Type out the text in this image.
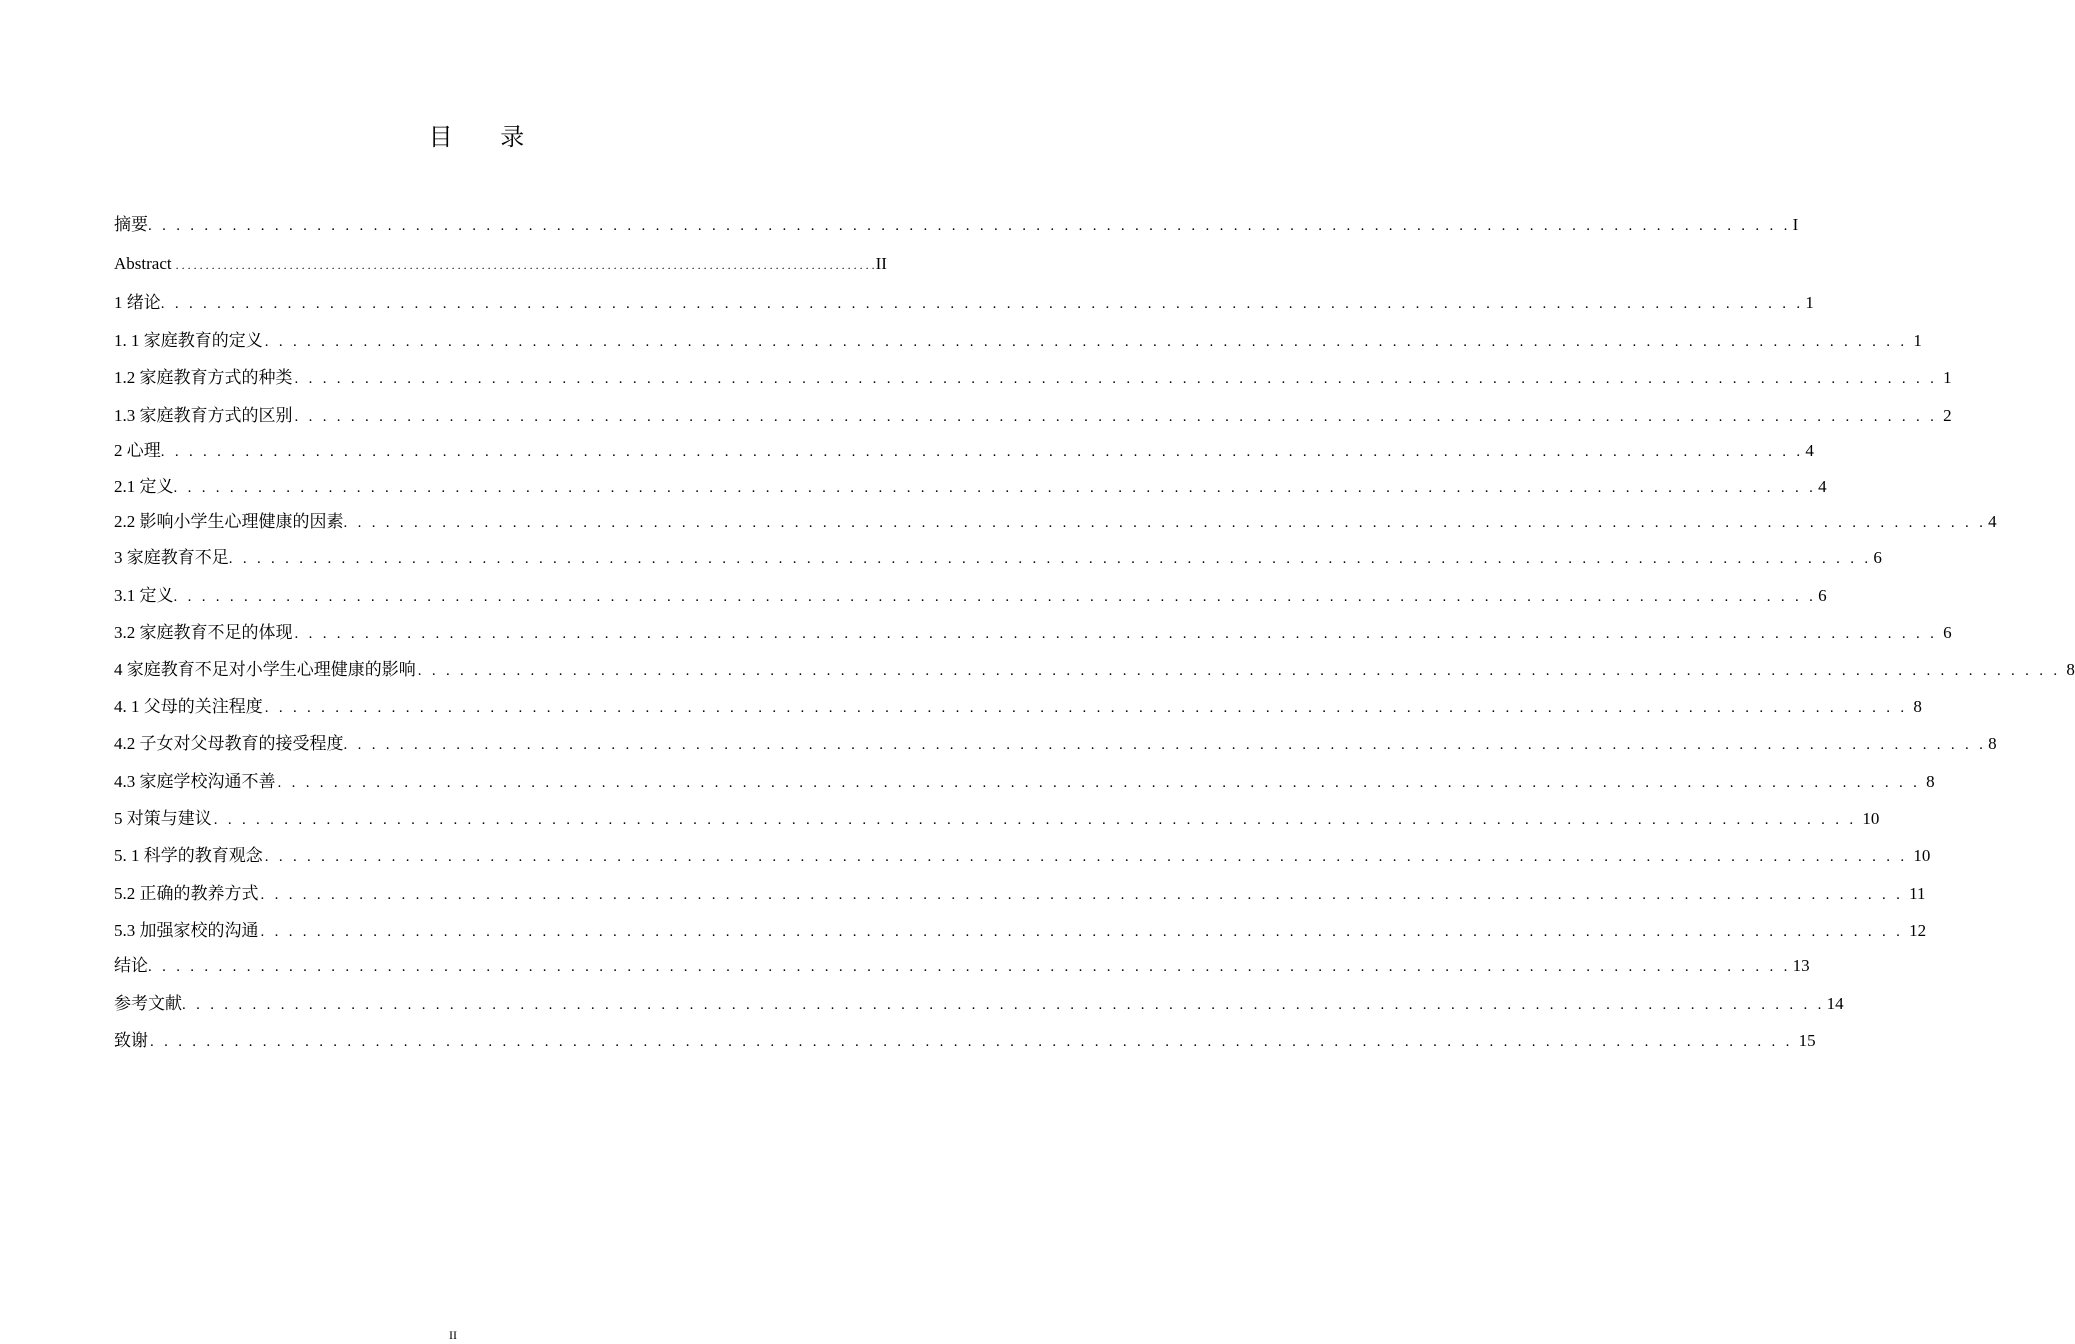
目 录
摘要 . . . . . . . . . . . . . . . . . . . . . . . . . . . . . . . . . . . . . . . . . . . . . . . . . . . . . . . . . . . . . . . . . . . . . . . . . . . . . . . . . . . . . . . . . . . . . . . . . . . . . . . . . . . . . . . . . . . . . I
Abstract . . . . . . . . . . . . . . . . . . . . . . . . . . . . . . . . . . . . . . . . . . . . . . . . . . . . . . . . . . . . . . . . . . . . . . . . . . . . . . . . . . . . . . . . . . . . . . . . . . . . . . . . . . . . . . . . . . . . . II
1 绪论 . . . . . . . . . . . . . . . . . . . . . . . . . . . . . . . . . . . . . . . . . . . . . . . . . . . . . . . . . . . . . . . . . . . . . . . . . . . . . . . . . . . . . . . . . . . . . . . . . . . . . . . . . . . . . . . . . . . . . 1
1. 1 家庭教育的定义 . . . . . . . . . . . . . . . . . . . . . . . . . . . . . . . . . . . . . . . . . . . . . . . . . . . . . . . . . . . . . . . . . . . . . . . . . . . . . . . . . . . . . . . . . . . . . . . . . . . . . . . . . . . . . . . . . . . . . 1
1.2 家庭教育方式的种类 . . . . . . . . . . . . . . . . . . . . . . . . . . . . . . . . . . . . . . . . . . . . . . . . . . . . . . . . . . . . . . . . . . . . . . . . . . . . . . . . . . . . . . . . . . . . . . . . . . . . . . . . . . . . . . . . . . . . . 1
1.3 家庭教育方式的区别 . . . . . . . . . . . . . . . . . . . . . . . . . . . . . . . . . . . . . . . . . . . . . . . . . . . . . . . . . . . . . . . . . . . . . . . . . . . . . . . . . . . . . . . . . . . . . . . . . . . . . . . . . . . . . . . . . . . . . 2
2 心理 . . . . . . . . . . . . . . . . . . . . . . . . . . . . . . . . . . . . . . . . . . . . . . . . . . . . . . . . . . . . . . . . . . . . . . . . . . . . . . . . . . . . . . . . . . . . . . . . . . . . . . . . . . . . . . . . . . . . . 4
2.1 定义 . . . . . . . . . . . . . . . . . . . . . . . . . . . . . . . . . . . . . . . . . . . . . . . . . . . . . . . . . . . . . . . . . . . . . . . . . . . . . . . . . . . . . . . . . . . . . . . . . . . . . . . . . . . . . . . . . . . . . 4
2.2 影响小学生心理健康的因素 . . . . . . . . . . . . . . . . . . . . . . . . . . . . . . . . . . . . . . . . . . . . . . . . . . . . . . . . . . . . . . . . . . . . . . . . . . . . . . . . . . . . . . . . . . . . . . . . . . . . . . . . . . . . . . . . . . . . . 4
3 家庭教育不足 . . . . . . . . . . . . . . . . . . . . . . . . . . . . . . . . . . . . . . . . . . . . . . . . . . . . . . . . . . . . . . . . . . . . . . . . . . . . . . . . . . . . . . . . . . . . . . . . . . . . . . . . . . . . . . . . . . . . . 6
3.1 定义 . . . . . . . . . . . . . . . . . . . . . . . . . . . . . . . . . . . . . . . . . . . . . . . . . . . . . . . . . . . . . . . . . . . . . . . . . . . . . . . . . . . . . . . . . . . . . . . . . . . . . . . . . . . . . . . . . . . . . 6
3.2 家庭教育不足的体现 . . . . . . . . . . . . . . . . . . . . . . . . . . . . . . . . . . . . . . . . . . . . . . . . . . . . . . . . . . . . . . . . . . . . . . . . . . . . . . . . . . . . . . . . . . . . . . . . . . . . . . . . . . . . . . . . . . . . . 6
4 家庭教育不足对小学生心理健康的影响 . . . . . . . . . . . . . . . . . . . . . . . . . . . . . . . . . . . . . . . . . . . . . . . . . . . . . . . . . . . . . . . . . . . . . . . . . . . . . . . . . . . . . . . . . . . . . . . . . . . . . . . . . . . . . . . . . . . . . 8
4. 1 父母的关注程度 . . . . . . . . . . . . . . . . . . . . . . . . . . . . . . . . . . . . . . . . . . . . . . . . . . . . . . . . . . . . . . . . . . . . . . . . . . . . . . . . . . . . . . . . . . . . . . . . . . . . . . . . . . . . . . . . . . . . . 8
4.2 子女对父母教育的接受程度 . . . . . . . . . . . . . . . . . . . . . . . . . . . . . . . . . . . . . . . . . . . . . . . . . . . . . . . . . . . . . . . . . . . . . . . . . . . . . . . . . . . . . . . . . . . . . . . . . . . . . . . . . . . . . . . . . . . . . 8
4.3 家庭学校沟通不善 . . . . . . . . . . . . . . . . . . . . . . . . . . . . . . . . . . . . . . . . . . . . . . . . . . . . . . . . . . . . . . . . . . . . . . . . . . . . . . . . . . . . . . . . . . . . . . . . . . . . . . . . . . . . . . . . . . . . . 8
5 对策与建议 . . . . . . . . . . . . . . . . . . . . . . . . . . . . . . . . . . . . . . . . . . . . . . . . . . . . . . . . . . . . . . . . . . . . . . . . . . . . . . . . . . . . . . . . . . . . . . . . . . . . . . . . . . . . . . . . . . . . . 10
5. 1 科学的教育观念 . . . . . . . . . . . . . . . . . . . . . . . . . . . . . . . . . . . . . . . . . . . . . . . . . . . . . . . . . . . . . . . . . . . . . . . . . . . . . . . . . . . . . . . . . . . . . . . . . . . . . . . . . . . . . . . . . . . . . 10
5.2 正确的教养方式 . . . . . . . . . . . . . . . . . . . . . . . . . . . . . . . . . . . . . . . . . . . . . . . . . . . . . . . . . . . . . . . . . . . . . . . . . . . . . . . . . . . . . . . . . . . . . . . . . . . . . . . . . . . . . . . . . . . . . 11
5.3 加强家校的沟通 . . . . . . . . . . . . . . . . . . . . . . . . . . . . . . . . . . . . . . . . . . . . . . . . . . . . . . . . . . . . . . . . . . . . . . . . . . . . . . . . . . . . . . . . . . . . . . . . . . . . . . . . . . . . . . . . . . . . . 12
结论 . . . . . . . . . . . . . . . . . . . . . . . . . . . . . . . . . . . . . . . . . . . . . . . . . . . . . . . . . . . . . . . . . . . . . . . . . . . . . . . . . . . . . . . . . . . . . . . . . . . . . . . . . . . . . . . . . . . . . 13
参考文献 . . . . . . . . . . . . . . . . . . . . . . . . . . . . . . . . . . . . . . . . . . . . . . . . . . . . . . . . . . . . . . . . . . . . . . . . . . . . . . . . . . . . . . . . . . . . . . . . . . . . . . . . . . . . . . . . . . . . . 14
致谢 . . . . . . . . . . . . . . . . . . . . . . . . . . . . . . . . . . . . . . . . . . . . . . . . . . . . . . . . . . . . . . . . . . . . . . . . . . . . . . . . . . . . . . . . . . . . . . . . . . . . . . . . . . . . . . . . . . . . . 15
II
